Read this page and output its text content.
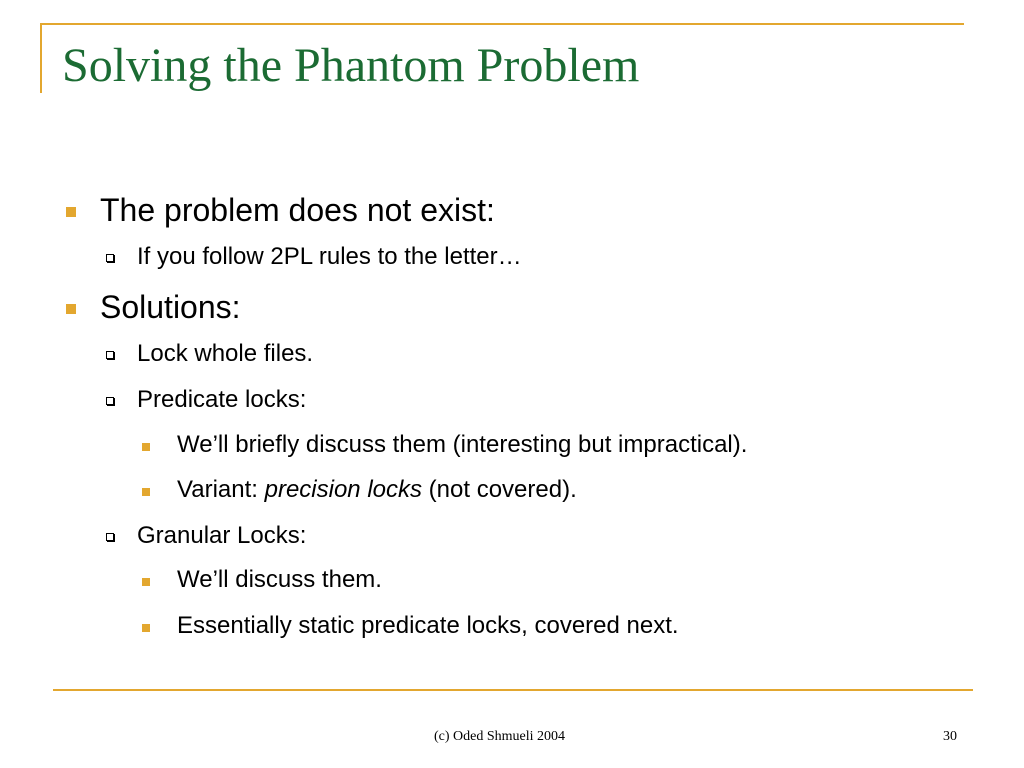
Solving the Phantom Problem
The problem does not exist:
If you follow 2PL rules to the letter…
Solutions:
Lock whole files.
Predicate locks:
We’ll briefly discuss them (interesting but impractical).
Variant: precision locks (not covered).
Granular Locks:
We’ll discuss them.
Essentially static predicate locks, covered next.
(c) Oded Shmueli 2004	30
